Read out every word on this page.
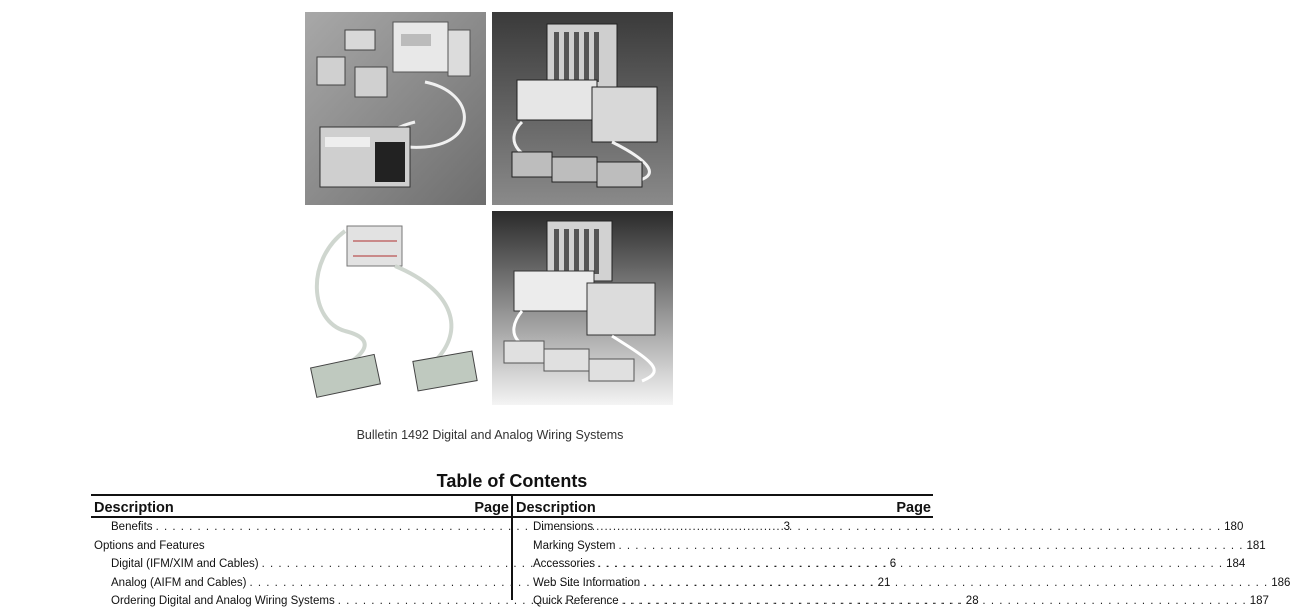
Bulletin 1492 Digital and Analog Wiring Systems
Table of Contents
Description	Page
Benefits . . .	3
Options and Features
Digital (IFM/XIM and Cables) . . .	6
Analog (AIFM and Cables) . . .	21
Ordering Digital and Analog Wiring Systems . . .	28
Description	Page
Dimensions . . .	180
Marking System . . .	181
Accessories . . .	184
Web Site Information . . .	186
Quick Reference . . .	187
